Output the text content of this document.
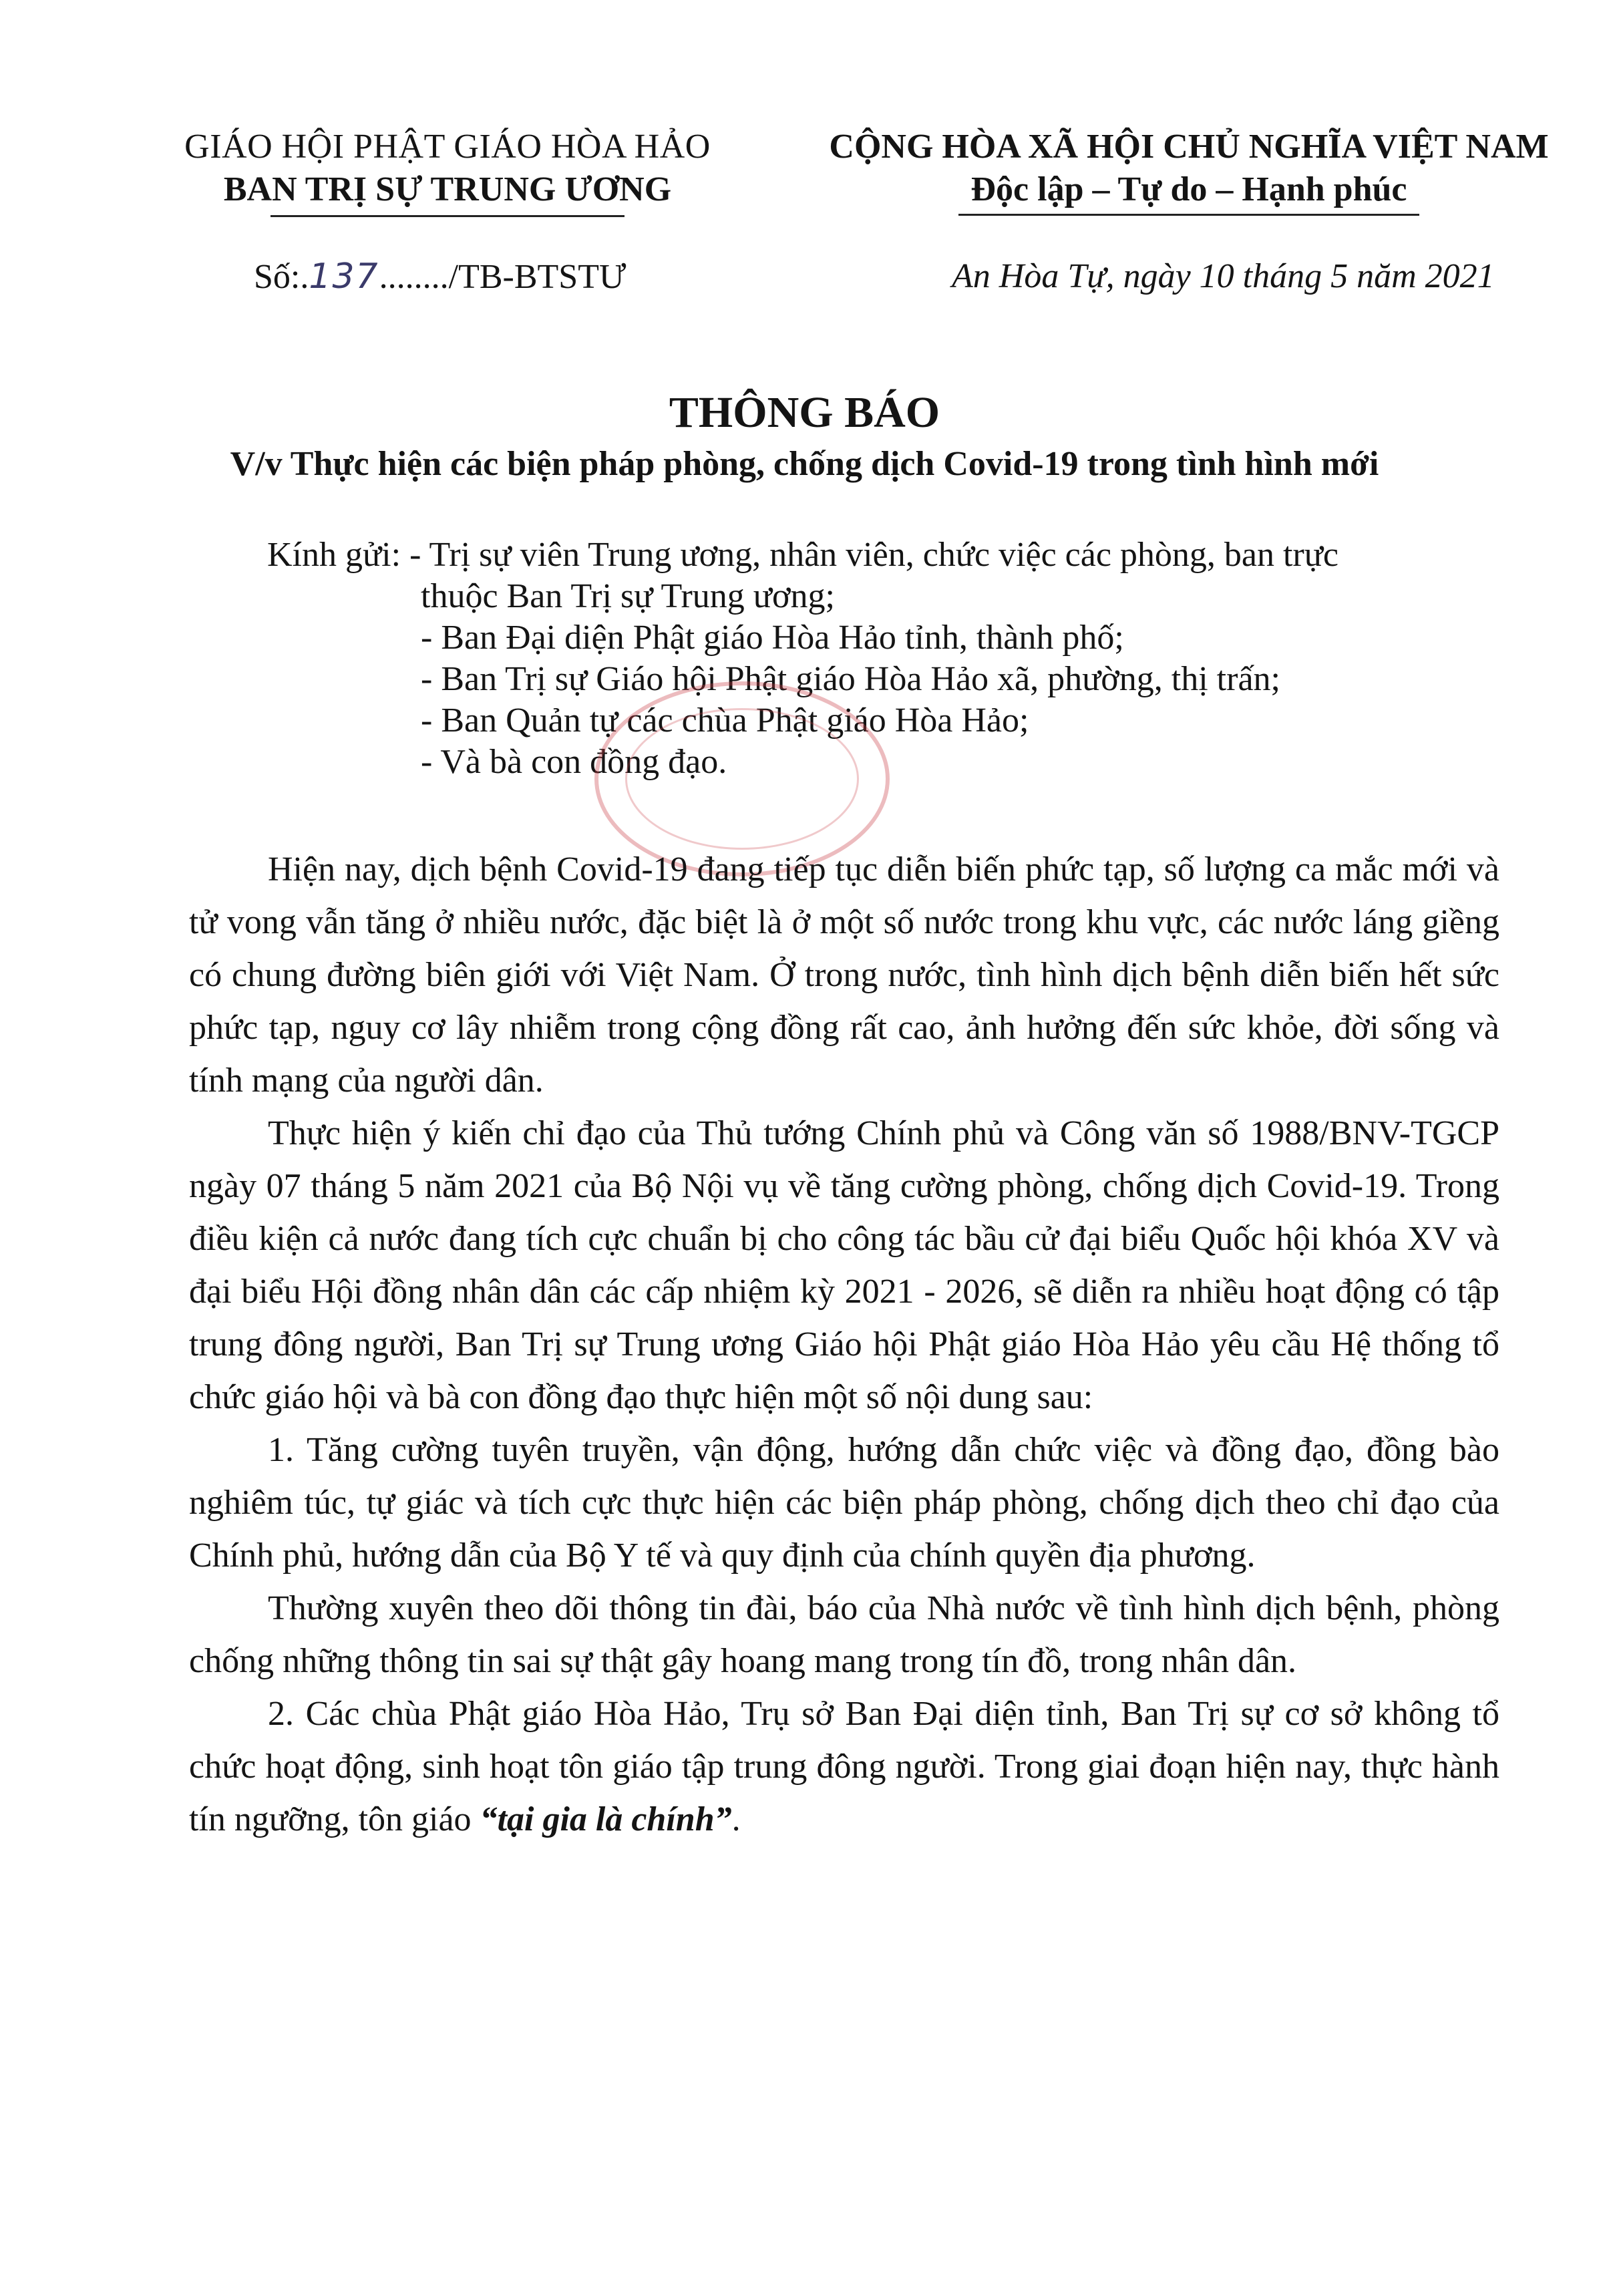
GIÁO HỘI PHẬT GIÁO HÒA HẢO
BAN TRỊ SỰ TRUNG ƯƠNG
CỘNG HÒA XÃ HỘI CHỦ NGHĨA VIỆT NAM
Độc lập – Tự do – Hạnh phúc
Số:.137......../TB-BTSTƯ	An Hòa Tự, ngày 10 tháng 5 năm 2021
THÔNG BÁO
V/v Thực hiện các biện pháp phòng, chống dịch Covid-19 trong tình hình mới
Kính gửi: - Trị sự viên Trung ương, nhân viên, chức việc các phòng, ban trực
thuộc Ban Trị sự Trung ương;
- Ban Đại diện Phật giáo Hòa Hảo tỉnh, thành phố;
- Ban Trị sự Giáo hội Phật giáo Hòa Hảo xã, phường, thị trấn;
- Ban Quản tự các chùa Phật giáo Hòa Hảo;
- Và bà con đồng đạo.

Hiện nay, dịch bệnh Covid-19 đang tiếp tục diễn biến phức tạp, số lượng ca mắc mới và tử vong vẫn tăng ở nhiều nước, đặc biệt là ở một số nước trong khu vực, các nước láng giềng có chung đường biên giới với Việt Nam. Ở trong nước, tình hình dịch bệnh diễn biến hết sức phức tạp, nguy cơ lây nhiễm trong cộng đồng rất cao, ảnh hưởng đến sức khỏe, đời sống và tính mạng của người dân.

Thực hiện ý kiến chỉ đạo của Thủ tướng Chính phủ và Công văn số 1988/BNV-TGCP ngày 07 tháng 5 năm 2021 của Bộ Nội vụ về tăng cường phòng, chống dịch Covid-19. Trong điều kiện cả nước đang tích cực chuẩn bị cho công tác bầu cử đại biểu Quốc hội khóa XV và đại biểu Hội đồng nhân dân các cấp nhiệm kỳ 2021 - 2026, sẽ diễn ra nhiều hoạt động có tập trung đông người, Ban Trị sự Trung ương Giáo hội Phật giáo Hòa Hảo yêu cầu Hệ thống tổ chức giáo hội và bà con đồng đạo thực hiện một số nội dung sau:

1. Tăng cường tuyên truyền, vận động, hướng dẫn chức việc và đồng đạo, đồng bào nghiêm túc, tự giác và tích cực thực hiện các biện pháp phòng, chống dịch theo chỉ đạo của Chính phủ, hướng dẫn của Bộ Y tế và quy định của chính quyền địa phương.

Thường xuyên theo dõi thông tin đài, báo của Nhà nước về tình hình dịch bệnh, phòng chống những thông tin sai sự thật gây hoang mang trong tín đồ, trong nhân dân.

2. Các chùa Phật giáo Hòa Hảo, Trụ sở Ban Đại diện tỉnh, Ban Trị sự cơ sở không tổ chức hoạt động, sinh hoạt tôn giáo tập trung đông người. Trong giai đoạn hiện nay, thực hành tín ngưỡng, tôn giáo “tại gia là chính”.
